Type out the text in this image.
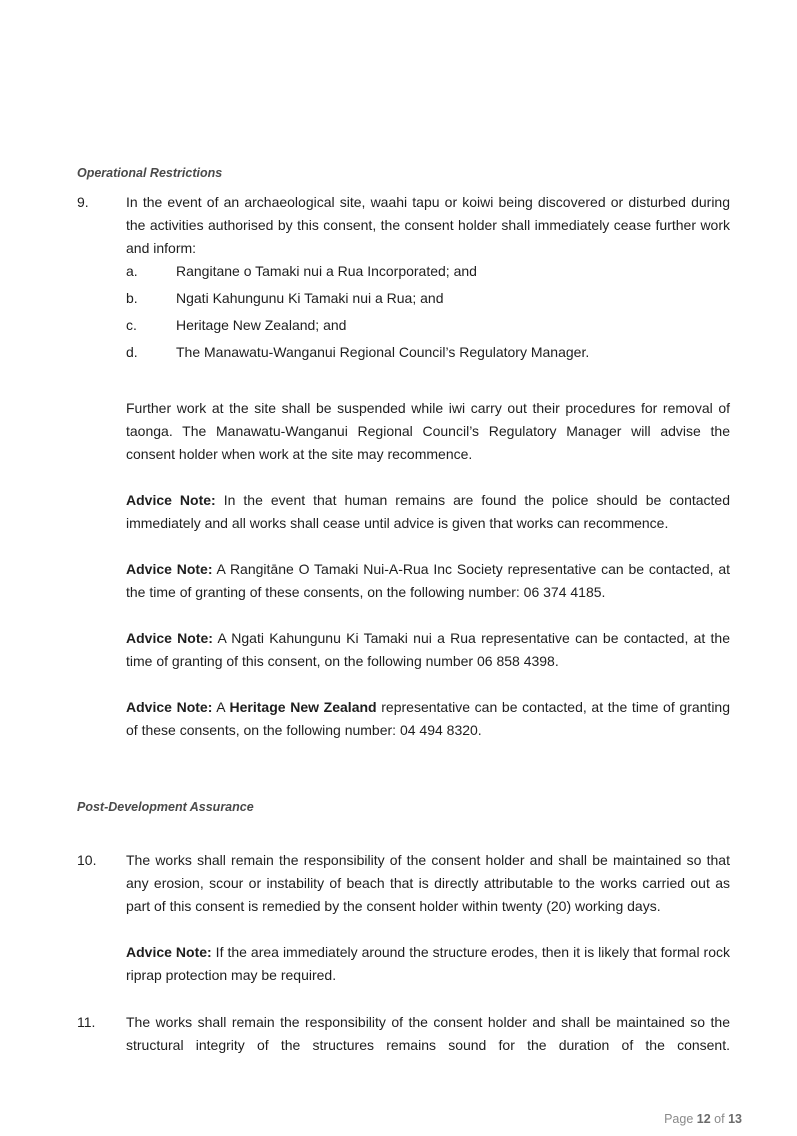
Operational Restrictions
9.	In the event of an archaeological site, waahi tapu or koiwi being discovered or disturbed during the activities authorised by this consent, the consent holder shall immediately cease further work and inform:
a.	Rangitane o Tamaki nui a Rua Incorporated; and
b.	Ngati Kahungunu Ki Tamaki nui a Rua; and
c.	Heritage New Zealand; and
d.	The Manawatu-Wanganui Regional Council’s Regulatory Manager.
Further work at the site shall be suspended while iwi carry out their procedures for removal of taonga. The Manawatu-Wanganui Regional Council’s Regulatory Manager will advise the consent holder when work at the site may recommence.
Advice Note: In the event that human remains are found the police should be contacted immediately and all works shall cease until advice is given that works can recommence.
Advice Note: A Rangitāne O Tamaki Nui-A-Rua Inc Society representative can be contacted, at the time of granting of these consents, on the following number: 06 374 4185.
Advice Note: A Ngati Kahungunu Ki Tamaki nui a Rua representative can be contacted, at the time of granting of this consent, on the following number 06 858 4398.
Advice Note: A Heritage New Zealand representative can be contacted, at the time of granting of these consents, on the following number: 04 494 8320.
Post-Development Assurance
10. The works shall remain the responsibility of the consent holder and shall be maintained so that any erosion, scour or instability of beach that is directly attributable to the works carried out as part of this consent is remedied by the consent holder within twenty (20) working days.
Advice Note: If the area immediately around the structure erodes, then it is likely that formal rock riprap protection may be required.
11. The works shall remain the responsibility of the consent holder and shall be maintained so the structural integrity of the structures remains sound for the duration of the consent.
Page 12 of 13
